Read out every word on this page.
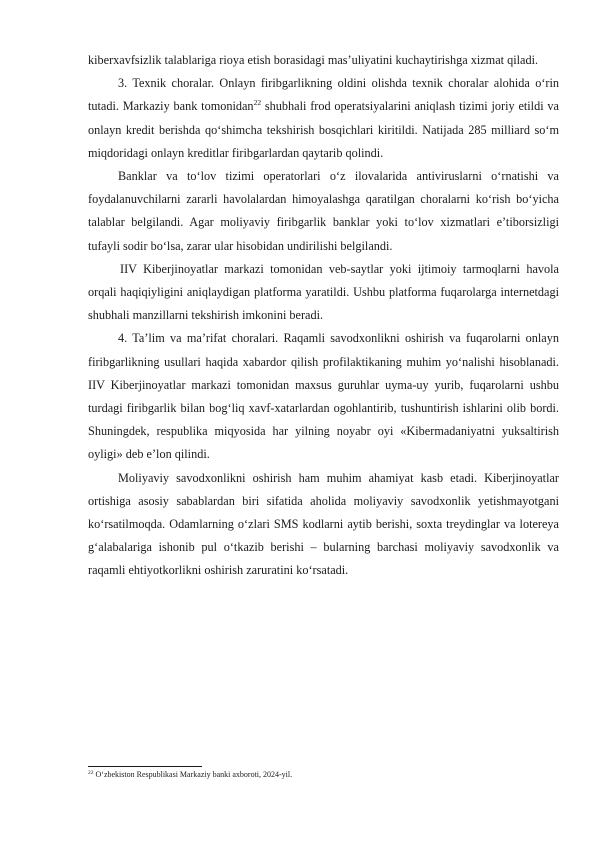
kiberxavfsizlik talablariga rioya etish borasidagi mas’uliyatini kuchaytirishga xizmat qiladi.

3. Texnik choralar. Onlayn firibgarlikning oldini olishda texnik choralar alohida o‘rin tutadi. Markaziy bank tomonidan$^{22}$ shubhali frod operatsiyalarini aniqlash tizimi joriy etildi va onlayn kredit berishda qo‘shimcha tekshirish bosqichlari kiritildi. Natijada 285 milliard so‘m miqdoridagi onlayn kreditlar firibgarlardan qaytarib qolindi.

Banklar va to‘lov tizimi operatorlari o‘z ilovalarida antiviruslarni o‘rnatishi va foydalanuvchilarni zararli havolalardan himoyalashga qaratilgan choralarni ko‘rish bo‘yicha talablar belgilandi. Agar moliyaviy firibgarlik banklar yoki to‘lov xizmatlari e’tiborsizligi tufayli sodir bo‘lsa, zarar ular hisobidan undirilishi belgilandi.

IIV Kiberjinoyatlar markazi tomonidan veb-saytlar yoki ijtimoiy tarmoqlarni havola orqali haqiqiyligini aniqlaydigan platforma yaratildi. Ushbu platforma fuqarolarga internetdagi shubhali manzillarni tekshirish imkonini beradi.

4. Ta’lim va ma’rifat choralari. Raqamli savodxonlikni oshirish va fuqarolarni onlayn firibgarlikning usullari haqida xabardor qilish profilaktikaning muhim yo‘nalishi hisoblanadi. IIV Kiberjinoyatlar markazi tomonidan maxsus guruhlar uyma-uy yurib, fuqarolarni ushbu turdagi firibgarlik bilan bog‘liq xavf-xatarlardan ogohlantirib, tushuntirish ishlarini olib bordi. Shuningdek, respublika miqyosida har yilning noyabr oyi «Kibermadaniyatni yuksaltirish oyligi» deb e’lon qilindi.

Moliyaviy savodxonlikni oshirish ham muhim ahamiyat kasb etadi. Kiberjinoyatlar ortishiga asosiy sabablardan biri sifatida aholida moliyaviy savodxonlik yetishmayotgani ko‘rsatilmoqda. Odamlarning o‘zlari SMS kodlarni aytib berishi, soxta treydinglar va lotereya g‘alabalariga ishonib pul o‘tkazib berishi – bularning barchasi moliyaviy savodxonlik va raqamli ehtiyotkorlikni oshirish zaruratini ko‘rsatadi.

$^{22}$ O‘zbekiston Respublikasi Markaziy banki axboroti, 2024-yil.
